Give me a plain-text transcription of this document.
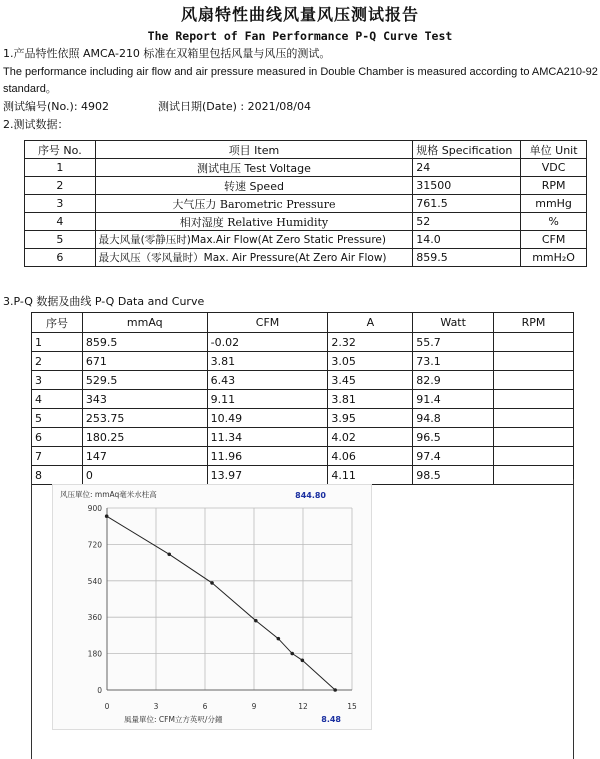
风扇特性曲线风量风压测试报告
The Report of Fan Performance P-Q Curve Test
1.产品特性依照 AMCA-210 标准在双箱里包括风量与风压的测试。
The performance including air flow and air pressure measured in Double Chamber is measured according to AMCA210-92 standard。
测试编号(No.): 4902	测试日期(Date) : 2021/08/04
2.测试数据：
序号 No.	项目 Item	规格 Specification	单位 Unit
1	测试电压 Test Voltage	24	VDC
2	转速 Speed	31500	RPM
3	大气压力 Barometric Pressure	761.5	mmHg
4	相对湿度 Relative Humidity	52	%
5	最大风量(零静压时)Max.Air Flow(At Zero Static Pressure)	14.0	CFM
6	最大风压（零风量时）Max. Air Pressure(At Zero Air Flow)	859.5	mmH₂O
3.P-Q 数据及曲线 P-Q Data and Curve
序号	mmAq	CFM	A	Watt	RPM
1	859.5	-0.02	2.32	55.7	
2	671	3.81	3.05	73.1	
3	529.5	6.43	3.45	82.9	
4	343	9.11	3.81	91.4	
5	253.75	10.49	3.95	94.8	
6	180.25	11.34	4.02	96.5	
7	147	11.96	4.06	97.4	
8	0	13.97	4.11	98.5	
风压單位: mmAq毫米水柱高	844.80
風量單位: CFM立方英呎/分鐘	8.48
0	3	6	9	12	15
0
180
360
540
720
900
